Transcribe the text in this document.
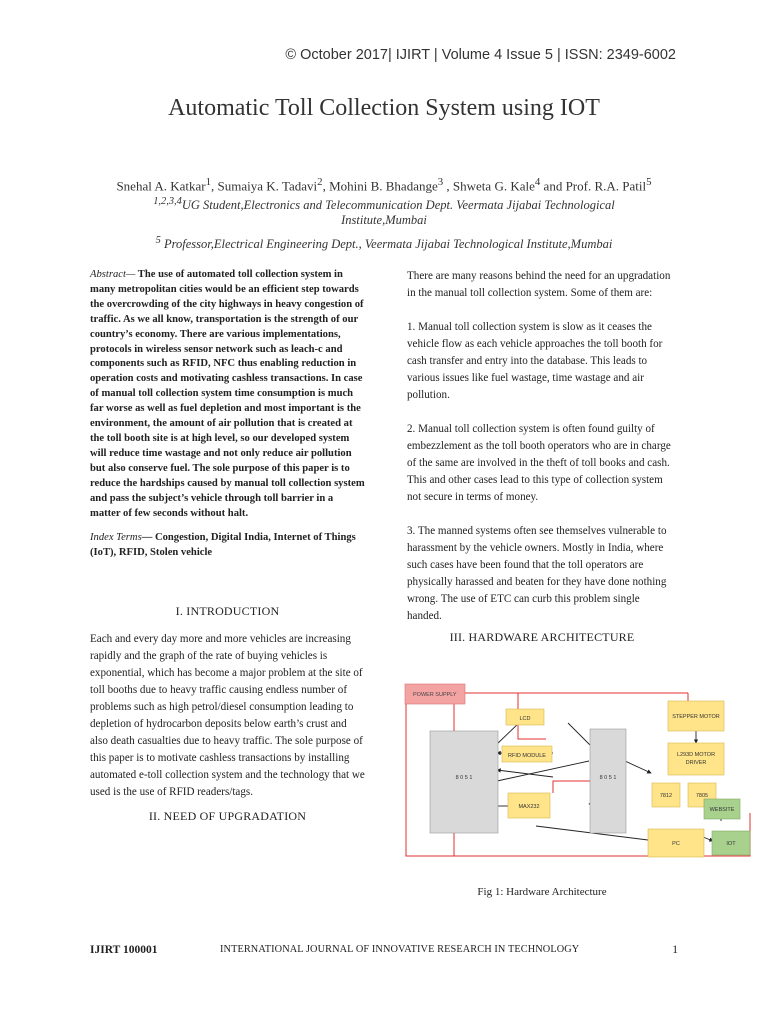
© October 2017| IJIRT | Volume 4 Issue 5 | ISSN: 2349-6002
Automatic Toll Collection System using IOT
Snehal A. Katkar$^1$, Sumaiya K. Tadavi$^2$, Mohini B. Bhadange$^3$ , Shweta G. Kale$^4$ and Prof. R.A. Patil$^5$
$^{1,2,3,4}$UG Student,Electronics and Telecommunication Dept. Veermata Jijabai Technological
Institute,Mumbai
$^5$ Professor,Electrical Engineering Dept., Veermata Jijabai Technological Institute,Mumbai

Abstract— The use of automated toll collection system in many metropolitan cities would be an efficient step towards the overcrowding of the city highways in heavy congestion of traffic. As we all know, transportation is the strength of our country’s economy. There are various implementations, protocols in wireless sensor network such as leach-c and components such as RFID, NFC thus enabling reduction in operation costs and motivating cashless transactions. In case of manual toll collection system time consumption is much far worse as well as fuel depletion and most important is the environment, the amount of air pollution that is created at the toll booth site is at high level, so our developed system will reduce time wastage and not only reduce air pollution but also conserve fuel. The sole purpose of this paper is to reduce the hardships caused by manual toll collection system and pass the subject’s vehicle through toll barrier in a matter of few seconds without halt.

Index Terms— Congestion, Digital India, Internet of Things (IoT), RFID, Stolen vehicle

I. INTRODUCTION

Each and every day more and more vehicles are increasing rapidly and the graph of the rate of buying vehicles is exponential, which has become a major problem at the site of toll booths due to heavy traffic causing endless number of problems such as high petrol/diesel consumption leading to depletion of hydrocarbon deposits below earth’s crust and also death casualties due to heavy traffic. The sole purpose of this paper is to motivate cashless transactions by installing automated e-toll collection system and the technology that we used is the use of RFID readers/tags.

II. NEED OF UPGRADATION

There are many reasons behind the need for an upgradation in the manual toll collection system. Some of them are:

1. Manual toll collection system is slow as it ceases the vehicle flow as each vehicle approaches the toll booth for cash transfer and entry into the database. This leads to various issues like fuel wastage, time wastage and air pollution.

2. Manual toll collection system is often found guilty of embezzlement as the toll booth operators who are in charge of the same are involved in the theft of toll books and cash. This and other cases lead to this type of collection system not secure in terms of money.

3. The manned systems often see themselves vulnerable to harassment by the vehicle owners. Mostly in India, where such cases have been found that the toll operators are physically harassed and beaten for they have done nothing wrong. The use of ETC can curb this problem single handed.

III. HARDWARE ARCHITECTURE

POWER SUPPLY
8 0 5 1
LCD
RFID MODULE
MAX232
8 0 5 1
STEPPER MOTOR
L293D MOTOR
DRIVER
7812	7805
WEBSITE
PC	IOT
Fig 1: Hardware Architecture
IJIRT 100001	INTERNATIONAL JOURNAL OF INNOVATIVE RESEARCH IN TECHNOLOGY	1
